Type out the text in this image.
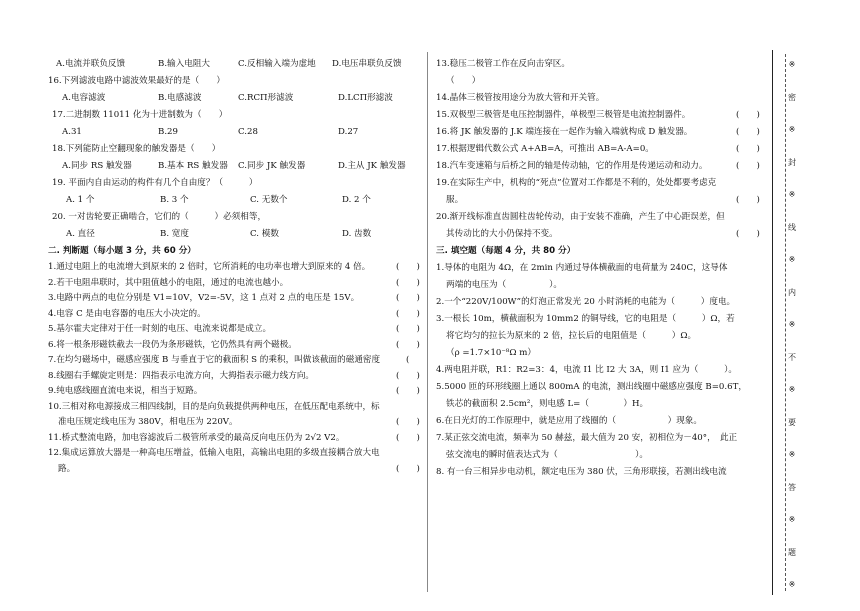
A.电流并联负反馈	B.输入电阻大	C.反相输入端为虚地 D.电压串联负反馈
16.下列滤波电路中滤波效果最好的是（　　）
A.电容滤波	B.电感滤波	C.RCΠ形滤波	D.LCΠ形滤波
17.二进制数 11011 化为十进制数为（　　）
A.31	B.29	C.28	D.27
18.下列能防止空翻现象的触发器是（　　）
A.同步 RS 触发器	B.基本 RS 触发器 C.同步 JK 触发器	D.主从 JK 触发器
19. 平面内自由运动的构件有几个自由度？（　　　）
A. 1 个	B. 3 个	C. 无数个	D. 2 个
20. 一对齿轮要正确啮合，它们的（　　　）必须相等，
A. 直径	B. 宽度	C. 模数	D. 齿数
二. 判断题（每小题 3 分，共 60 分）
1.通过电阻上的电流增大到原来的 2 倍时，它所消耗的电功率也增大到原来的 4 倍。	(　　)
2.若干电阻串联时，其中阻值越小的电阻，通过的电流也越小。	(　　)
3.电路中两点的电位分别是 V1=10V，V2=-5V，这 1 点对 2 点的电压是 15V。	(　　)
4.电容 C 是由电容器的电压大小决定的。	(　　)
5.基尔霍夫定律对于任一时刻的电压、电流来说都是成立。	(　　)
6.将一根条形磁铁截去一段仍为条形磁铁，它仍然具有两个磁极。	(　　)
7.在均匀磁场中，磁感应强度 B 与垂直于它的截面积 S 的乘积，叫做该截面的磁通密度	(
8.线圈右手螺旋定则是：四指表示电流方向，大拇指表示磁力线方向。	(　　)
9.纯电感线圈直流电来说，相当于短路。	(　　)
10.三相对称电源接成三相四线制，目的是向负载提供两种电压，在低压配电系统中，标
准电压规定线电压为 380V，相电压为 220V。	(　　)
11.桥式整流电路，加电容滤波后二极管所承受的最高反向电压仍为 2√2 V2。	(　　)
12.集成运算放大器是一种高电压增益，低输入电阻，高输出电阻的多级直接耦合放大电
路。	(　　)
13.稳压二极管工作在反向击穿区。
（　　）
14.晶体三极管按用途分为放大管和开关管。
15.双极型三极管是电压控制器件，单极型三极管是电流控制器件。	(　　)
16.将 JK 触发器的 J.K 端连接在一起作为输入端就构成 D 触发器。	(　　)
17.根据逻辑代数公式 A+AB=A，可推出 AB=A-A=0。	(　　)
18.汽车变速箱与后桥之间的轴是传动轴，它的作用是传递运动和动力。	(　　)
19.在实际生产中，机构的“死点”位置对工作都是不利的，处处都要考虑克
服。	(　　)
20.渐开线标准直齿圆柱齿轮传动，由于安装不准确，产生了中心距误差，但
其传动比的大小仍保持不变。	(　　)
三. 填空题（每题 4 分，共 80 分）
1.导体的电阻为 4Ω，在 2min 内通过导体横截面的电荷量为 240C，这导体
两端的电压为（　　　　　）。
2.一个“220V/100W”的灯泡正常发光 20 小时消耗的电能为（　　　）度电。
3.一根长 10m，横截面积为 10mm2 的铜导线，它的电阻是（　　　）Ω，若
将它均匀的拉长为原来的 2 倍，拉长后的电阻值是（　　　）Ω。
（ρ =1.7×10⁻⁸Ω m）
4.两电阻并联，R1：R2=3：4，电流 I1 比 I2 大 3A，则 I1 应为（　　　）。
5.5000 匝的环形线圈上通以 800mA 的电流，测出线圈中磁感应强度 B=0.6T，
铁芯的截面积 2.5cm²，则电感 L=（　　　　）H。
6.在日光灯的工作原理中，就是应用了线圈的（　　　　　　）现象。
7.某正弦交流电流，频率为 50 赫兹，最大值为 20 安，初相位为－40°，　此正
弦交流电的瞬时值表达式为（　　　　　　　　　）。
8. 有一台三相异步电动机，额定电压为 380 伏，三角形联接，若测出线电流
※
密
※
封
※
线
※
内
※
不
※
要
※
答
※
题
※
